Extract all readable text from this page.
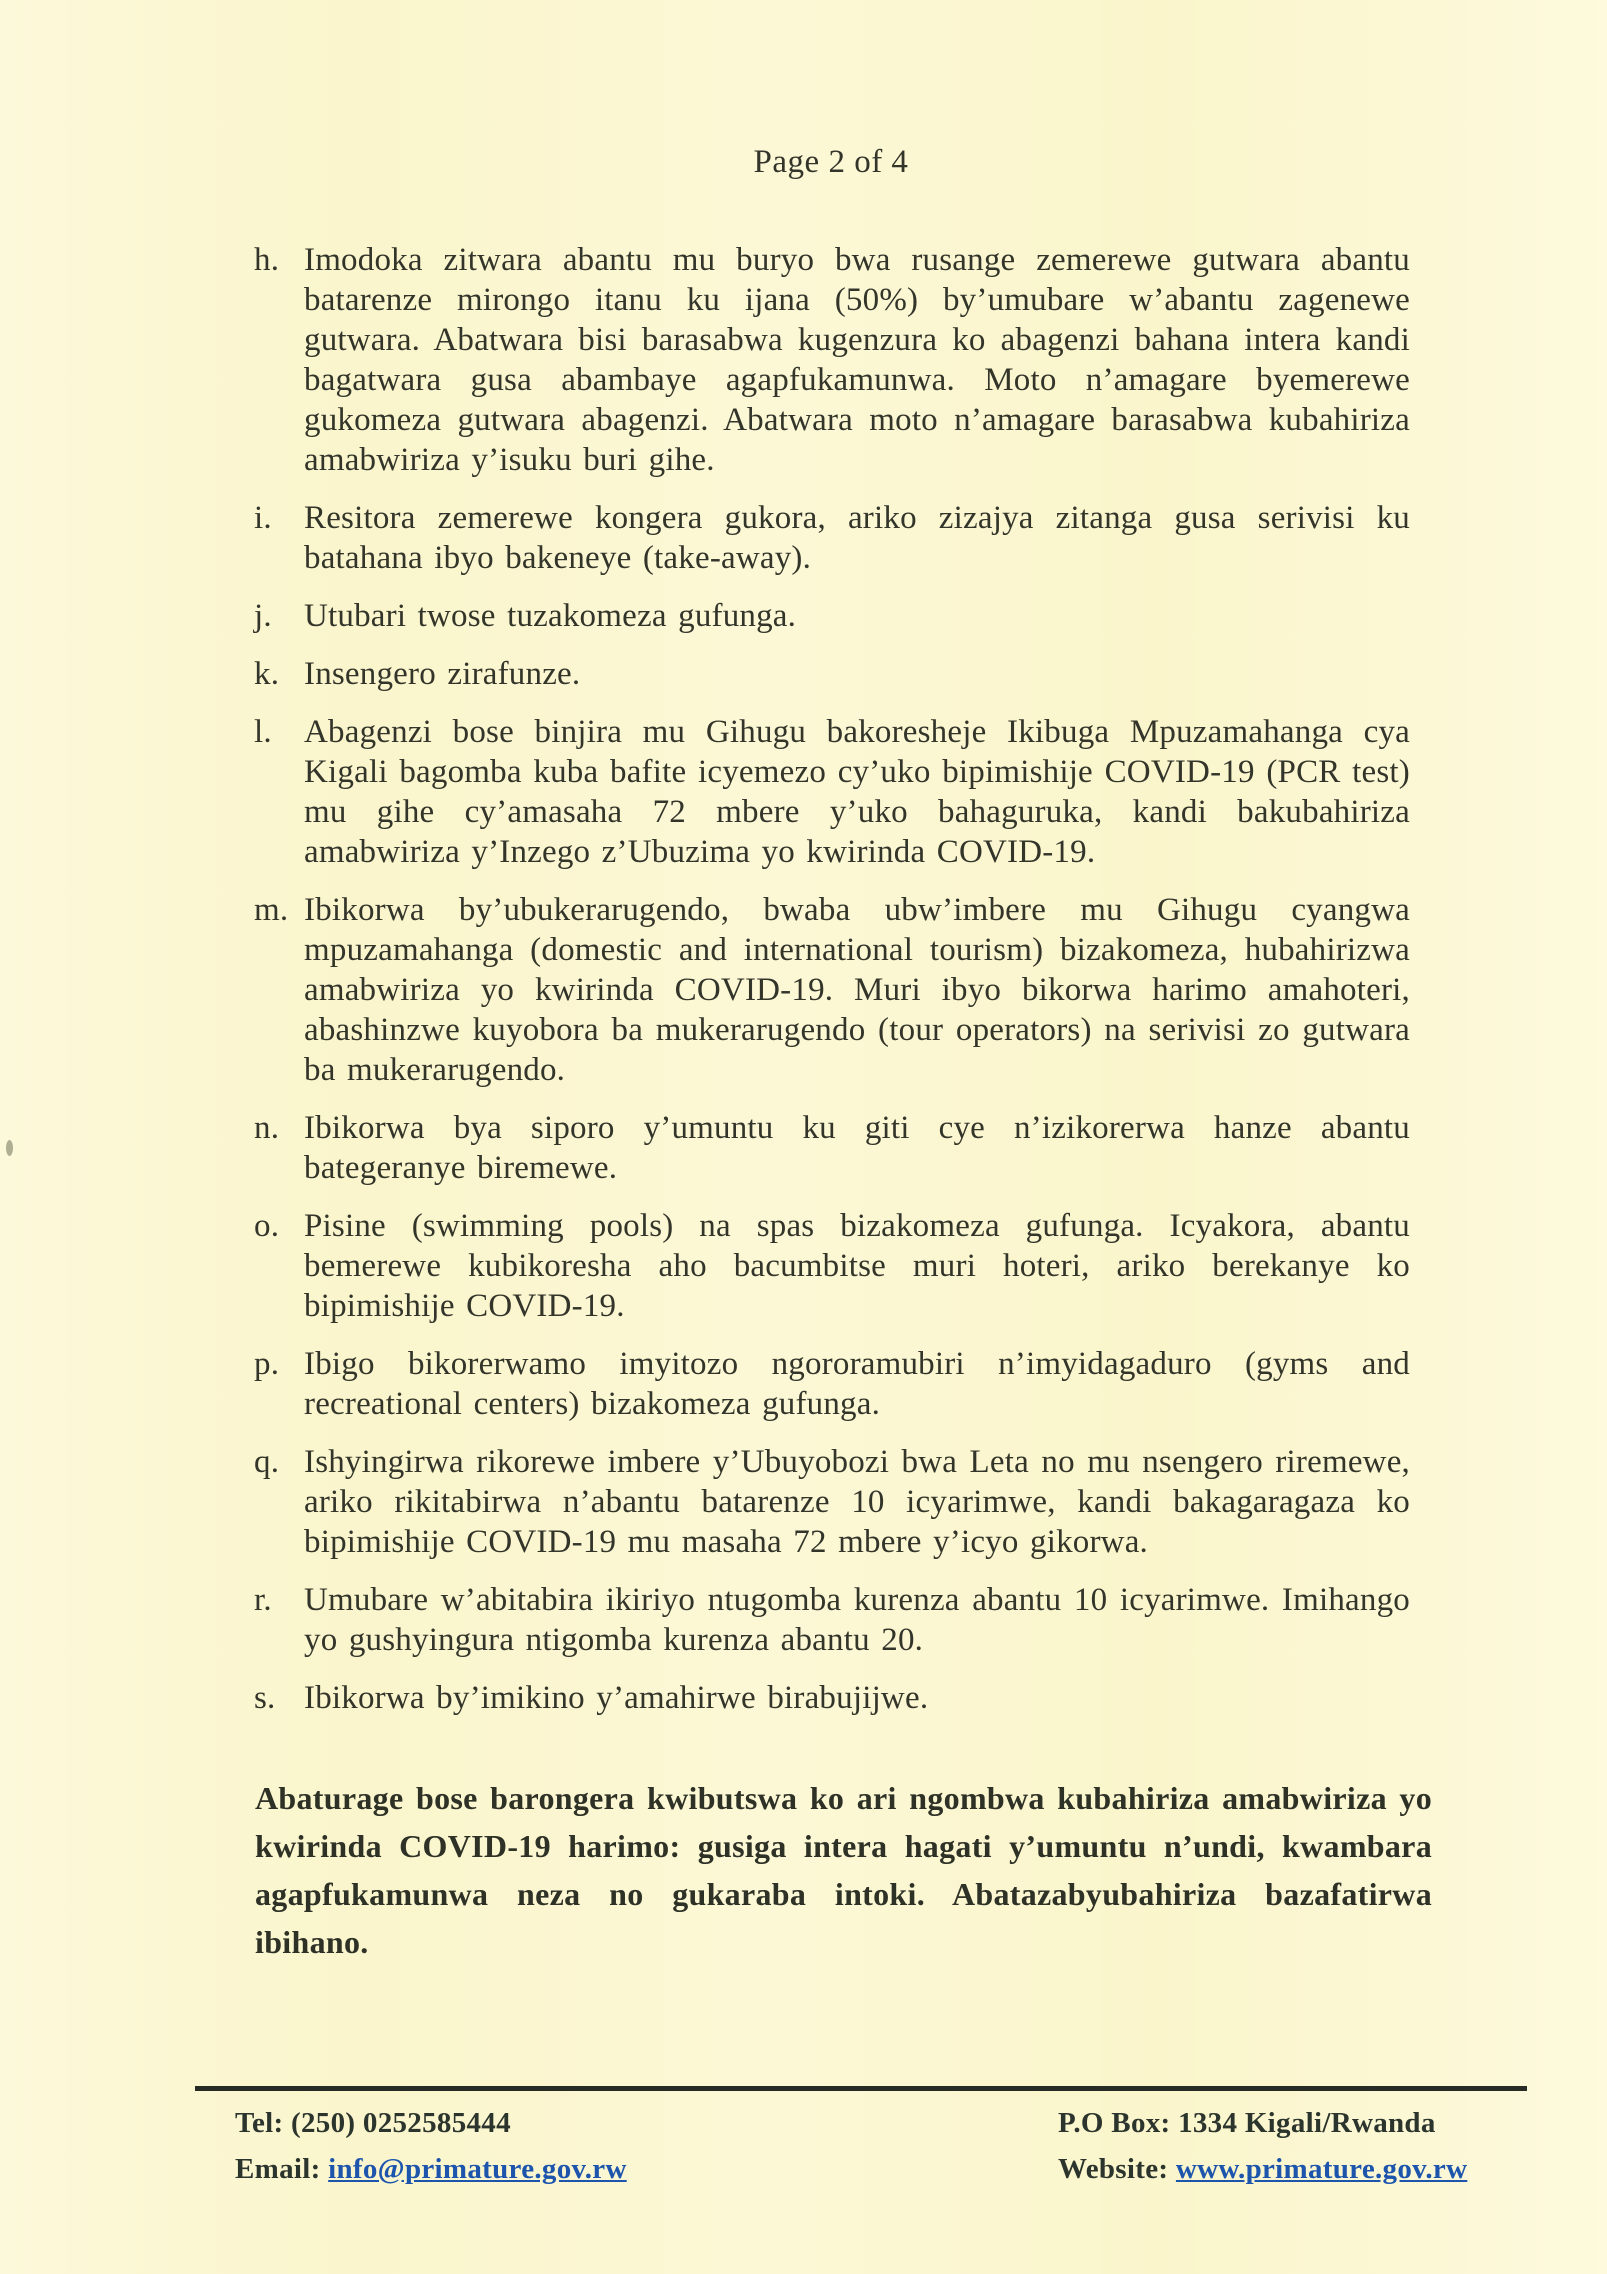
Page 2 of 4
h. Imodoka zitwara abantu mu buryo bwa rusange zemerewe gutwara abantu batarenze mirongo itanu ku ijana (50%) by’umubare w’abantu zagenewe gutwara. Abatwara bisi barasabwa kugenzura ko abagenzi bahana intera kandi bagatwara gusa abambaye agapfukamunwa. Moto n’amagare byemerewe gukomeza gutwara abagenzi. Abatwara moto n’amagare barasabwa kubahiriza amabwiriza y’isuku buri gihe.
i. Resitora zemerewe kongera gukora, ariko zizajya zitanga gusa serivisi ku batahana ibyo bakeneye (take-away).
j. Utubari twose tuzakomeza gufunga.
k. Insengero zirafunze.
l. Abagenzi bose binjira mu Gihugu bakoresheje Ikibuga Mpuzamahanga cya Kigali bagomba kuba bafite icyemezo cy’uko bipimishije COVID-19 (PCR test) mu gihe cy’amasaha 72 mbere y’uko bahaguruka, kandi bakubahiriza amabwiriza y’Inzego z’Ubuzima yo kwirinda COVID-19.
m. Ibikorwa by’ubukerarugendo, bwaba ubw’imbere mu Gihugu cyangwa mpuzamahanga (domestic and international tourism) bizakomeza, hubahirizwa amabwiriza yo kwirinda COVID-19. Muri ibyo bikorwa harimo amahoteri, abashinzwe kuyobora ba mukerarugendo (tour operators) na serivisi zo gutwara ba mukerarugendo.
n. Ibikorwa bya siporo y’umuntu ku giti cye n’izikorerwa hanze abantu bategeranye biremewe.
o. Pisine (swimming pools) na spas bizakomeza gufunga. Icyakora, abantu bemerewe kubikoresha aho bacumbitse muri hoteri, ariko berekanye ko bipimishije COVID-19.
p. Ibigo bikorerwamo imyitozo ngororamubiri n’imyidagaduro (gyms and recreational centers) bizakomeza gufunga.
q. Ishyingirwa rikorewe imbere y’Ubuyobozi bwa Leta no mu nsengero riremewe, ariko rikitabirwa n’abantu batarenze 10 icyarimwe, kandi bakagaragaza ko bipimishije COVID-19 mu masaha 72 mbere y’icyo gikorwa.
r. Umubare w’abitabira ikiriyo ntugomba kurenza abantu 10 icyarimwe. Imihango yo gushyingura ntigomba kurenza abantu 20.
s. Ibikorwa by’imikino y’amahirwe birabujijwe.

Abaturage bose barongera kwibutswa ko ari ngombwa kubahiriza amabwiriza yo kwirinda COVID-19 harimo: gusiga intera hagati y’umuntu n’undi, kwambara agapfukamunwa neza no gukaraba intoki. Abatazabyubahiriza bazafatirwa ibihano.

Tel: (250) 0252585444
Email: info@primature.gov.rw
P.O Box: 1334 Kigali/Rwanda
Website: www.primature.gov.rw
